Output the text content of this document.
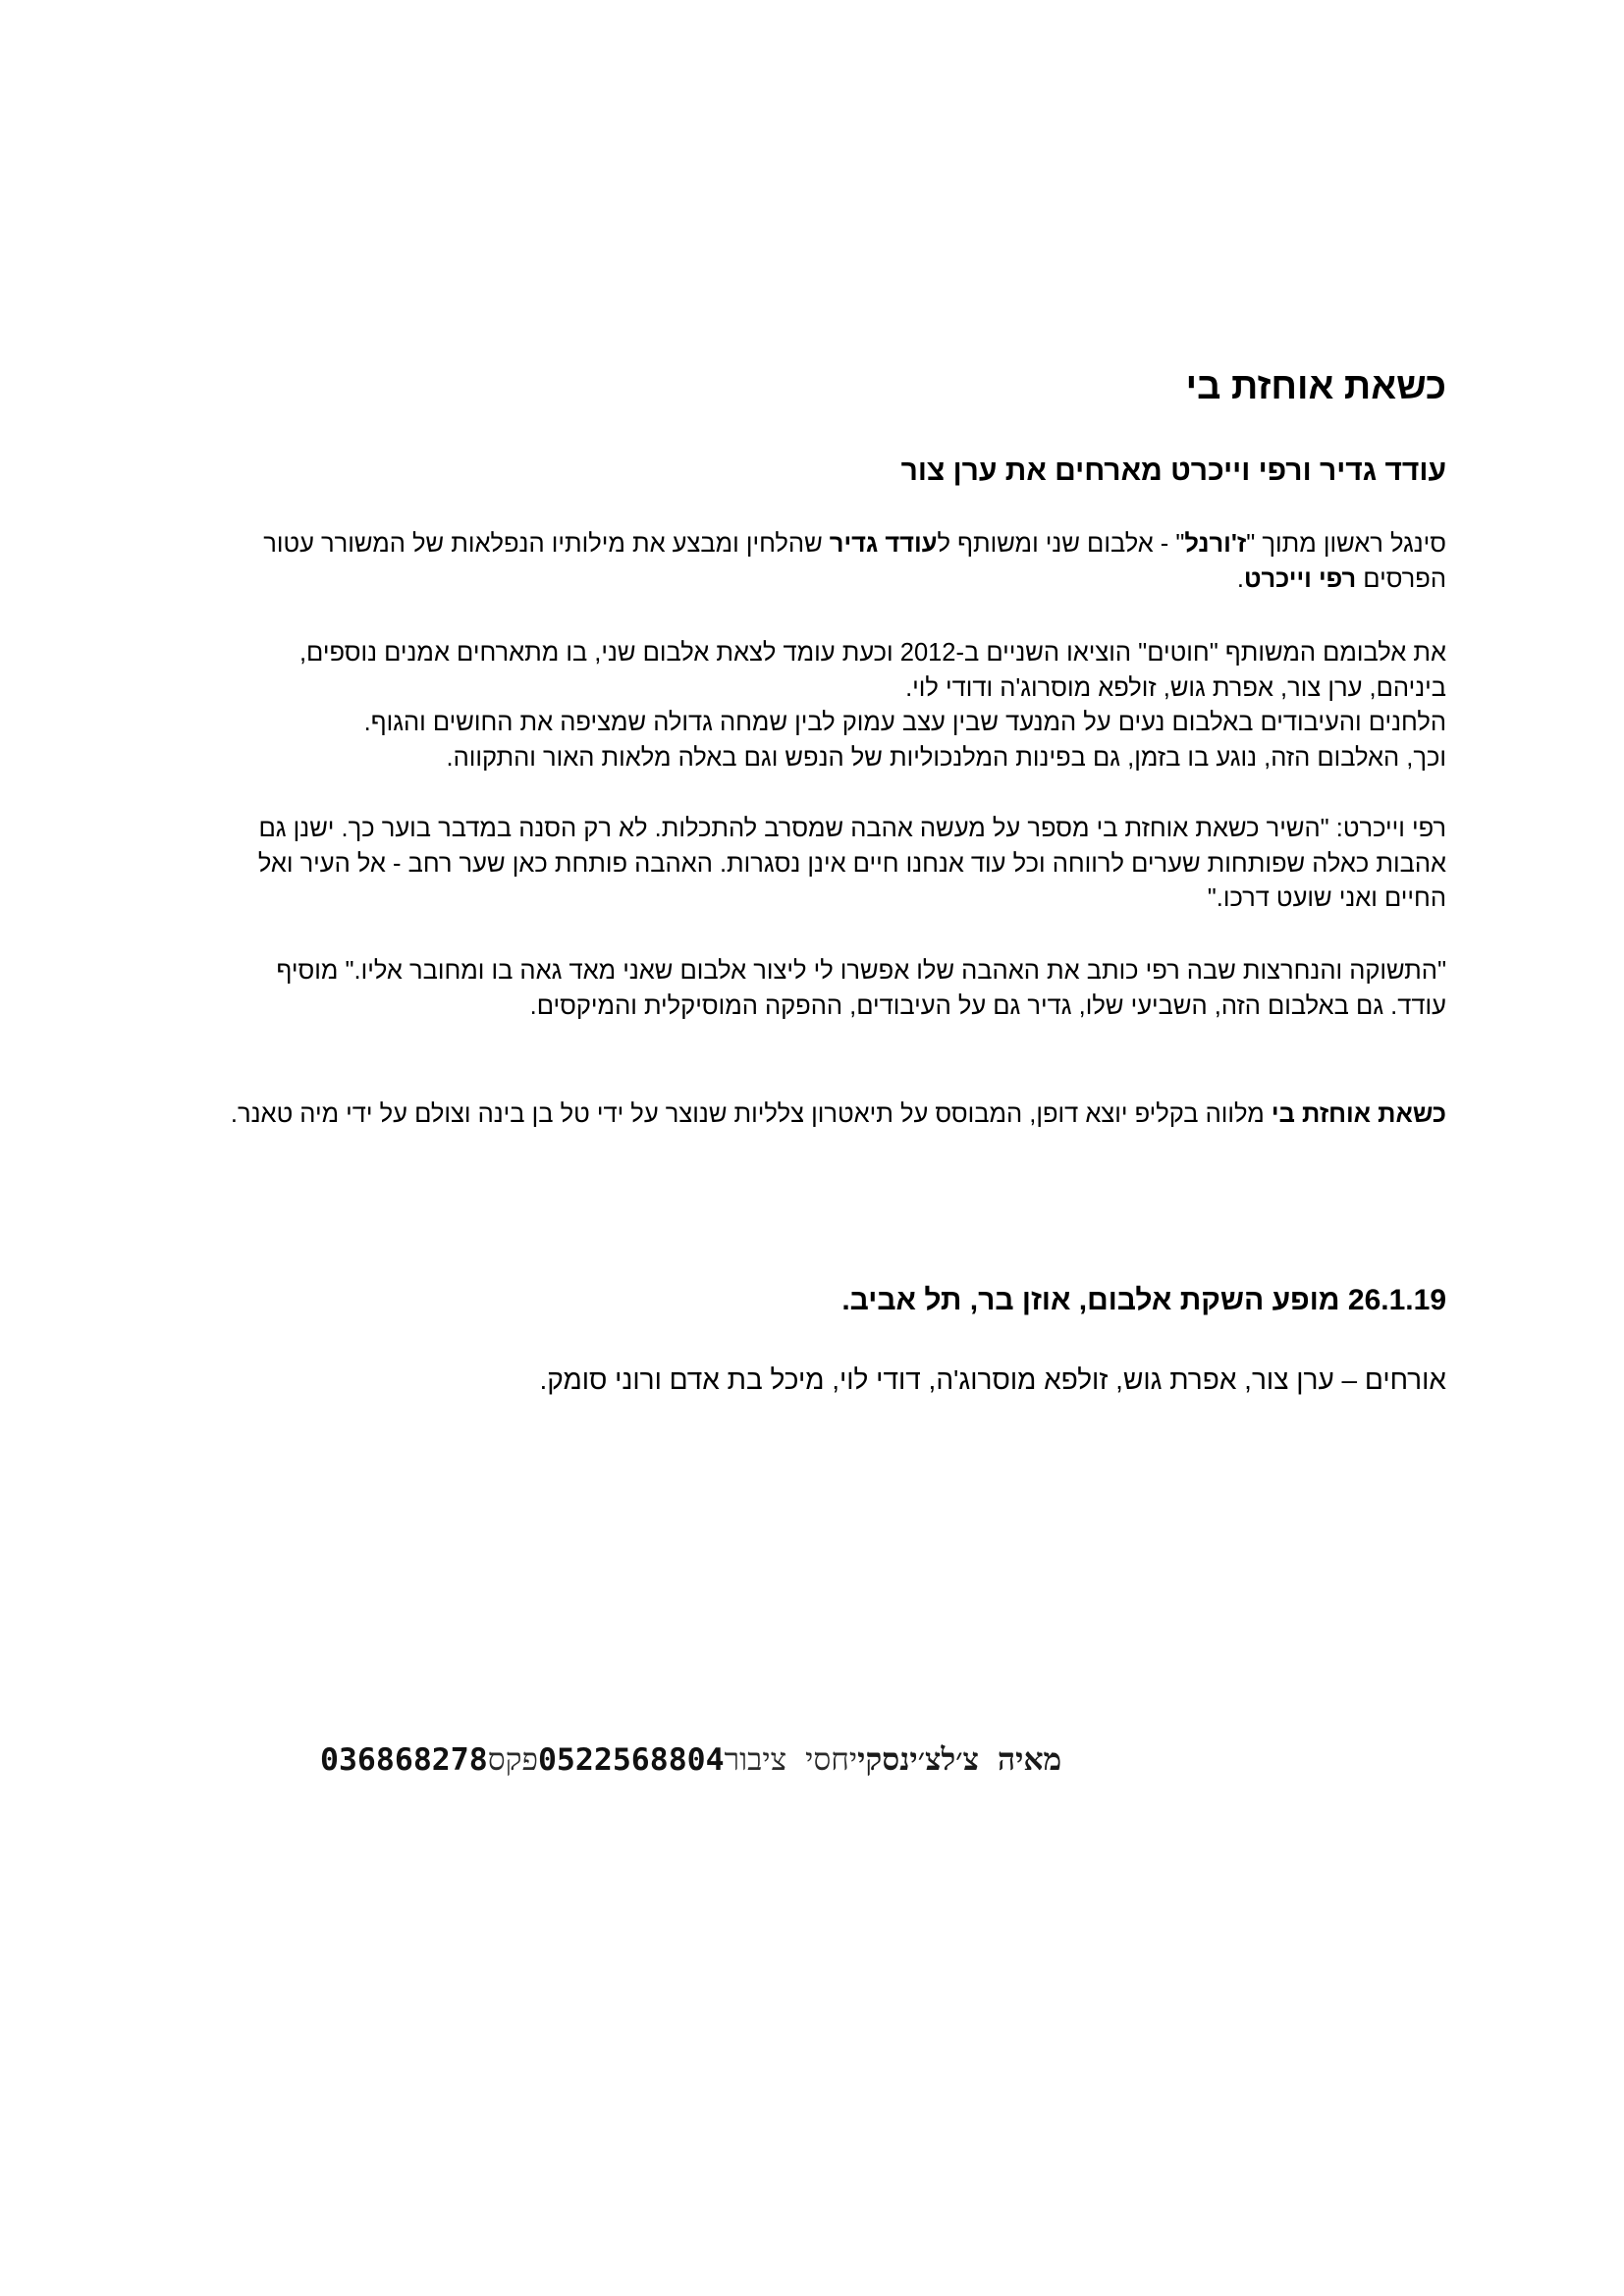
כשאת אוחזת בי
עודד גדיר ורפי וייכרט מארחים את ערן צור

סינגל ראשון מתוך "ז'ורנל" - אלבום שני ומשותף לעודד גדיר שהלחין ומבצע את מילותיו הנפלאות של המשורר עטור הפרסים רפי וייכרט.

את אלבומם המשותף "חוטים" הוציאו השניים ב-2012 וכעת עומד לצאת אלבום שני, בו מתארחים אמנים נוספים, ביניהם, ערן צור, אפרת גוש, זולפא מוסרוג'ה ודודי לוי.
הלחנים והעיבודים באלבום נעים על המנעד שבין עצב עמוק לבין שמחה גדולה שמציפה את החושים והגוף.
וכך, האלבום הזה, נוגע בו בזמן, גם בפינות המלנכוליות של הנפש וגם באלה מלאות האור והתקווה.

רפי וייכרט: "השיר כשאת אוחזת בי מספר על מעשה אהבה שמסרב להתכלות. לא רק הסנה במדבר בוער כך. ישנן גם אהבות כאלה שפותחות שערים לרווחה וכל עוד אנחנו חיים אינן נסגרות. האהבה פותחת כאן שער רחב - אל העיר ואל החיים ואני שועט דרכו."

"התשוקה והנחרצות שבה רפי כותב את האהבה שלו אפשרו לי ליצור אלבום שאני מאד גאה בו ומחובר אליו." מוסיף עודד. גם באלבום הזה, השביעי שלו, גדיר גם על העיבודים, ההפקה המוסיקלית והמיקסים.

כשאת אוחזת בי מלווה בקליפ יוצא דופן, המבוסס על תיאטרון צלליות שנוצר על ידי טל בן בינה וצולם על ידי מיה טאנר.

26.1.19 מופע השקת אלבום, אוזן בר, תל אביב.

אורחים – ערן צור, אפרת גוש, זולפא מוסרוג'ה, דודי לוי, מיכל בת אדם ורוני סומק.

036868278פקס0522568804יחסי ציבורמאיה צ׳לצ׳ינסקי
